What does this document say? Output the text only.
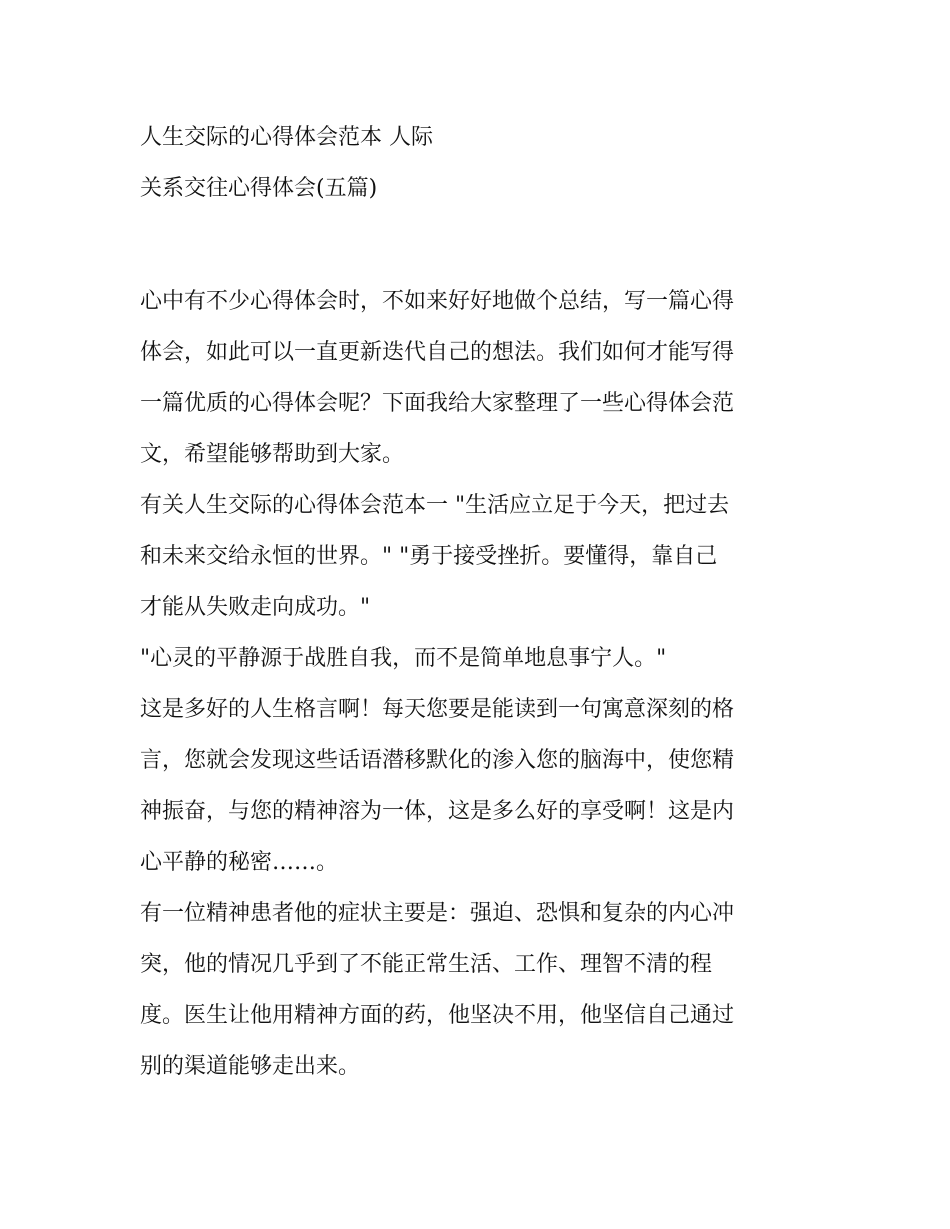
人生交际的心得体会范本 人际
关系交往心得体会(五篇)

心中有不少心得体会时，不如来好好地做个总结，写一篇心得
体会，如此可以一直更新迭代自己的想法。我们如何才能写得
一篇优质的心得体会呢？下面我给大家整理了一些心得体会范
文，希望能够帮助到大家。

有关人生交际的心得体会范本一 "生活应立足于今天，把过去
和未来交给永恒的世界。" "勇于接受挫折。要懂得，靠自己
才能从失败走向成功。"

"心灵的平静源于战胜自我，而不是简单地息事宁人。"

这是多好的人生格言啊！每天您要是能读到一句寓意深刻的格
言，您就会发现这些话语潜移默化的渗入您的脑海中，使您精
神振奋，与您的精神溶为一体，这是多么好的享受啊！这是内
心平静的秘密……。

有一位精神患者他的症状主要是：强迫、恐惧和复杂的内心冲
突，他的情况几乎到了不能正常生活、工作、理智不清的程
度。医生让他用精神方面的药，他坚决不用，他坚信自己通过
别的渠道能够走出来。
